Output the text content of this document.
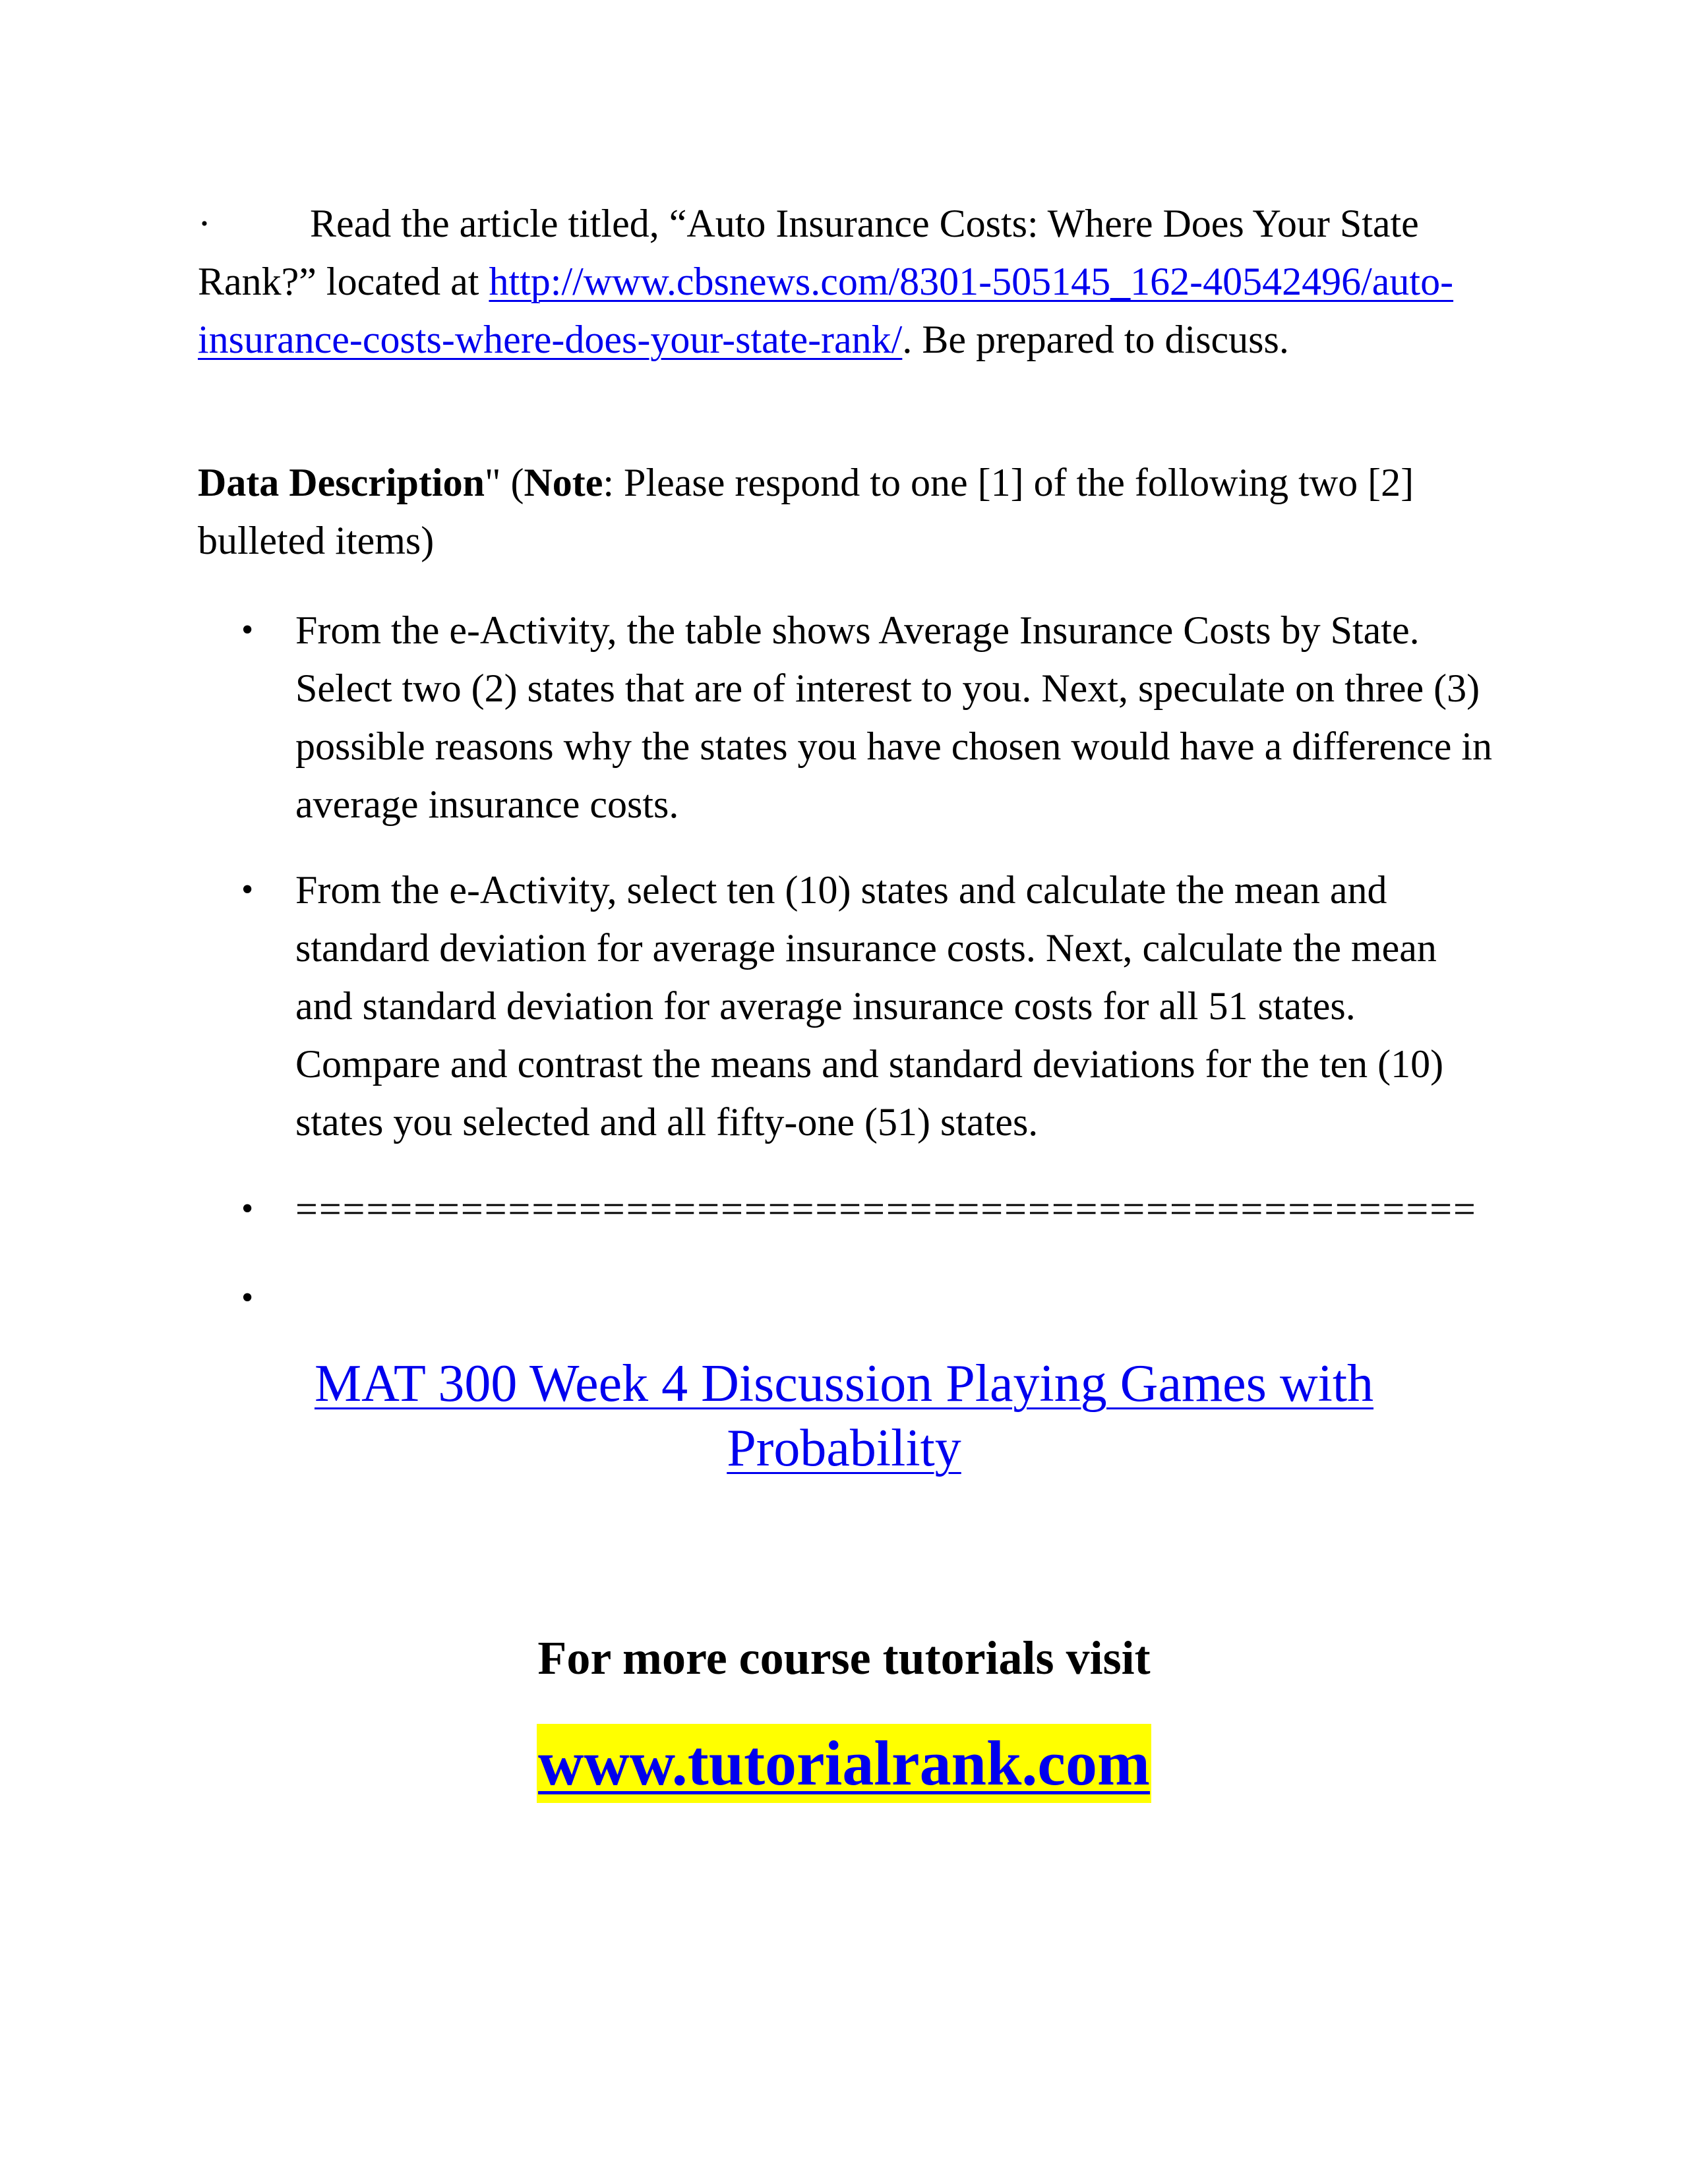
·	Read the article titled, “Auto Insurance Costs: Where Does Your State Rank?” located at http://www.cbsnews.com/8301-505145_162-40542496/auto-insurance-costs-where-does-your-state-rank/. Be prepared to discuss.

Data Description" (Note: Please respond to one [1] of the following two [2] bulleted items)

• From the e-Activity, the table shows Average Insurance Costs by State. Select two (2) states that are of interest to you. Next, speculate on three (3) possible reasons why the states you have chosen would have a difference in average insurance costs.
• From the e-Activity, select ten (10) states and calculate the mean and standard deviation for average insurance costs. Next, calculate the mean and standard deviation for average insurance costs for all 51 states. Compare and contrast the means and standard deviations for the ten (10) states you selected and all fifty-one (51) states.
• ==================================================
•
MAT 300 Week 4 Discussion Playing Games with Probability
For more course tutorials visit
www.tutorialrank.com
